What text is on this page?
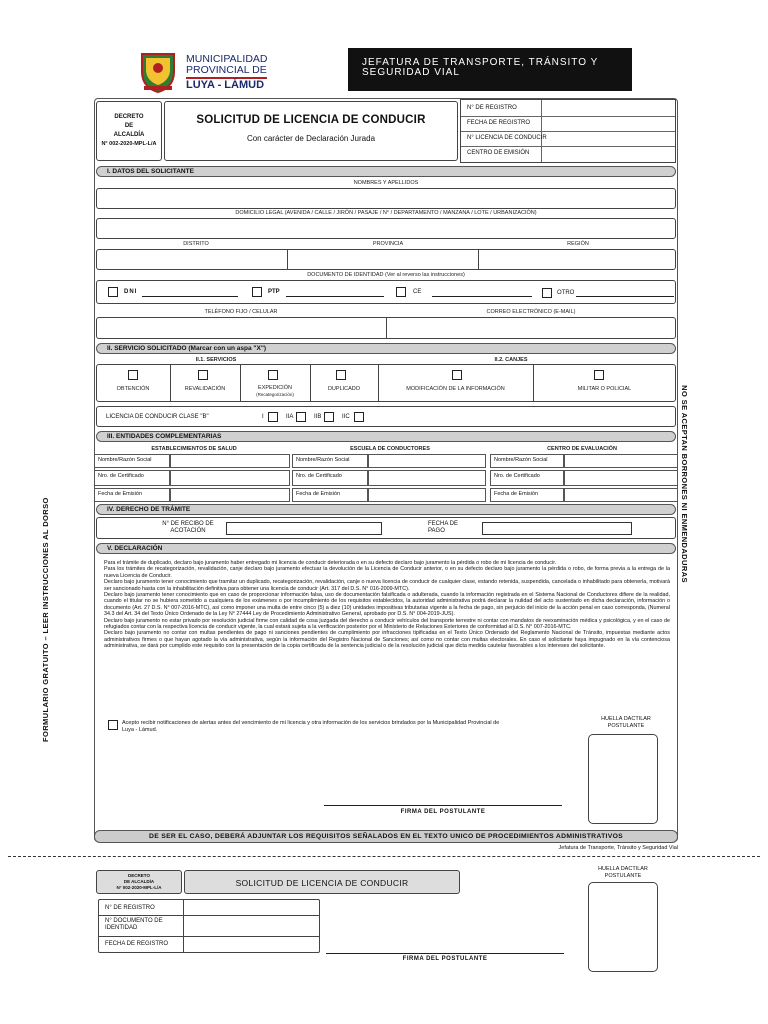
MUNICIPALIDAD
PROVINCIAL DE
LUYA - LÁMUD
JEFATURA DE TRANSPORTE, TRÁNSITO Y
SEGURIDAD VIAL
DECRETO
DE
ALCALDÍA
N° 002-2020-MPL-L/A
SOLICITUD DE LICENCIA DE CONDUCIR
Con carácter de Declaración Jurada
N° DE REGISTRO
FECHA DE REGISTRO
N° LICENCIA DE CONDUCIR
CENTRO DE EMISIÓN
I. DATOS DEL SOLICITANTE
NOMBRES Y APELLIDOS
DOMICILIO LEGAL (AVENIDA / CALLE / JIRÓN / PASAJE / N° / DEPARTAMENTO / MANZANA / LOTE / URBANIZACIÓN)
DISTRITO	PROVINCIA	REGIÓN
DOCUMENTO DE IDENTIDAD (Ver al reverso las instrucciones)
DNI	PTP	CE	OTRO
TELÉFONO FIJO / CELULAR	CORREO ELECTRÓNICO (E-MAIL)
II. SERVICIO SOLICITADO (Marcar con un aspa "X")
II.1. SERVICIOS	II.2. CANJES
OBTENCIÓN	REVALIDACIÓN	EXPEDICIÓN
(Recategorización)
DUPLICADO	MODIFICACIÓN DE LA INFORMACIÓN	MILITAR O POLICIAL
LICENCIA DE CONDUCIR CLASE "B"	I	IIA	IIB	IIC
III. ENTIDADES COMPLEMENTARIAS
ESTABLECIMIENTOS DE SALUD	ESCUELA DE CONDUCTORES	CENTRO DE EVALUACIÓN
Nombre/Razón Social
Nro. de Certificado
Fecha de Emisión
Nombre/Razón Social
Nro. de Certificado
Fecha de Emisión
Nombre/Razón Social
Nro. de Certificado
Fecha de Emisión
IV. DERECHO DE TRÁMITE
N° DE RECIBO DE ACOTACIÓN
FECHA DE PAGO
V. DECLARACIÓN

Para el trámite de duplicado, declaro bajo juramento haber entregado mi licencia de conducir deteriorada o en su defecto declaro bajo juramento la pérdida o robo de mi licencia de conducir.

Para los trámites de recategorización, revalidación, canje declaro bajo juramento efectuar la devolución de la Licencia de Conducir anterior, o en su defecto declaro bajo juramento la pérdida o robo, de forma previa a la entrega de la nueva Licencia de Conducir.

Declaro bajo juramento tener conocimiento que tramitar un duplicado, recategorización, revalidación, canje o nueva licencia de conducir de cualquier clase, estando retenida, suspendida, cancelada o inhabilitado para obtenerla, motivará ser sancionado hasta con la inhabilitación definitiva para obtener una licencia de conducir (Art. 317 del D.S. N° 016-2009-MTC).

Declaro bajo juramento tener conocimiento que en caso de proporcionar información falsa, uso de documentación falsificada o adulterada, cuando la información registrada en el Sistema Nacional de Conductores difiere de la realidad, cuando el titular no se hubiera sometido a cualquiera de los exámenes o por incumplimiento de los requisitos establecidos, la autoridad administrativa podrá declarar la nulidad del acto sustentado en dicha declaración, información o documento (Art. 27 D.S. N° 007-2016-MTC), así como imponer una multa de entre cinco (5) a diez (10) unidades impositivas tributarias vigente a la fecha de pago, sin perjuicio del inicio de la acción penal en caso corresponda, (Numeral 34.3 del Art. 34 del Texto Único Ordenado de la Ley N° 27444 Ley de Procedimiento Administrativo General, aprobado por D.S. N° 004-2019-JUS).

Declaro bajo juramento no estar privado por resolución judicial firme con calidad de cosa juzgada del derecho a conducir vehículos del transporte terrestre ni contar con mandatos de reexaminación médica y psicológica, y en el caso de refugiados contar con la respectiva licencia de conducir vigente, la cual estará sujeta a la verificación posterior por el Ministerio de Relaciones Exteriores de conformidad al D.S. N° 007-2016-MTC.

Declaro bajo juramento no contar con multas pendientes de pago ni sanciones pendientes de cumplimiento por infracciones tipificadas en el Texto Único Ordenado del Reglamento Nacional de Tránsito, impuestas mediante actos administrativos firmes o que hayan agotado la vía administrativa, según la información del Registro Nacional de Sanciones; así como no contar con multas electorales. En caso el solicitante haya impugnado en la vía contenciosa administrativa, se dará por cumplido este requisito con la presentación de la copia certificada de la sentencia judicial o de la resolución judicial que dicta medida cautelar favorables a los intereses del solicitante.

Acepto recibir notificaciones de alertas antes del vencimiento de mi licencia y otra información de los servicios brindados por la Municipalidad Provincial de Luya - Lámud.
HUELLA DACTILAR POSTULANTE
FIRMA DEL POSTULANTE
DE SER EL CASO, DEBERÁ ADJUNTAR LOS REQUISITOS SEÑALADOS EN EL TEXTO UNICO DE PROCEDIMIENTOS ADMINISTRATIVOS
Jefatura de Transporte, Tránsito y Seguridad Vial
FORMULARIO GRATUITO – LEER INSTRUCCIONES AL DORSO
NO SE ACEPTAN BORRONES NI ENMENDADURAS
DECRETO
DE ALCALDÍA
N° 002-2020-MPL-L/A	SOLICITUD DE LICENCIA DE CONDUCIR
HUELLA DACTILAR POSTULANTE
N° DE REGISTRO
N° DOCUMENTO DE IDENTIDAD
FECHA DE REGISTRO
FIRMA DEL POSTULANTE
